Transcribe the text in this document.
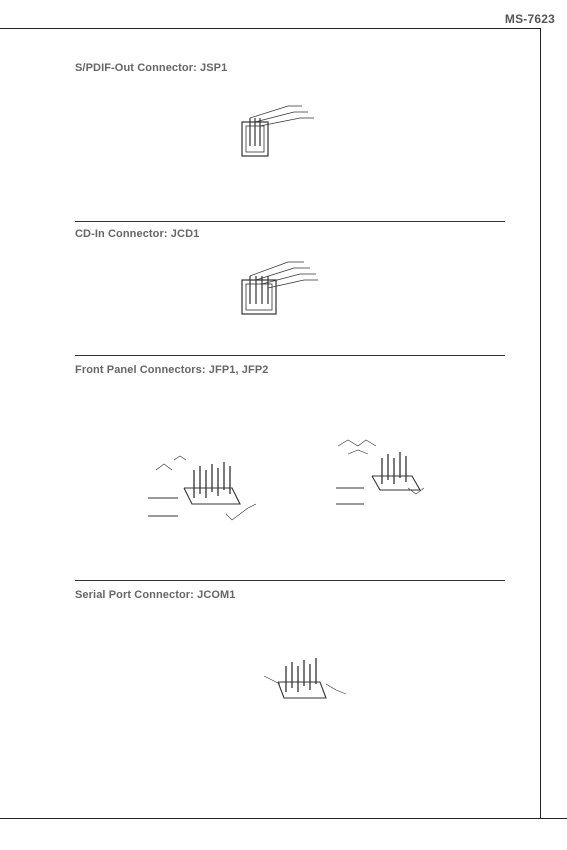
MS-7623
S/PDIF-Out Connector: JSP1
CD-In Connector: JCD1
Front Panel Connectors: JFP1, JFP2
Serial Port Connector: JCOM1
